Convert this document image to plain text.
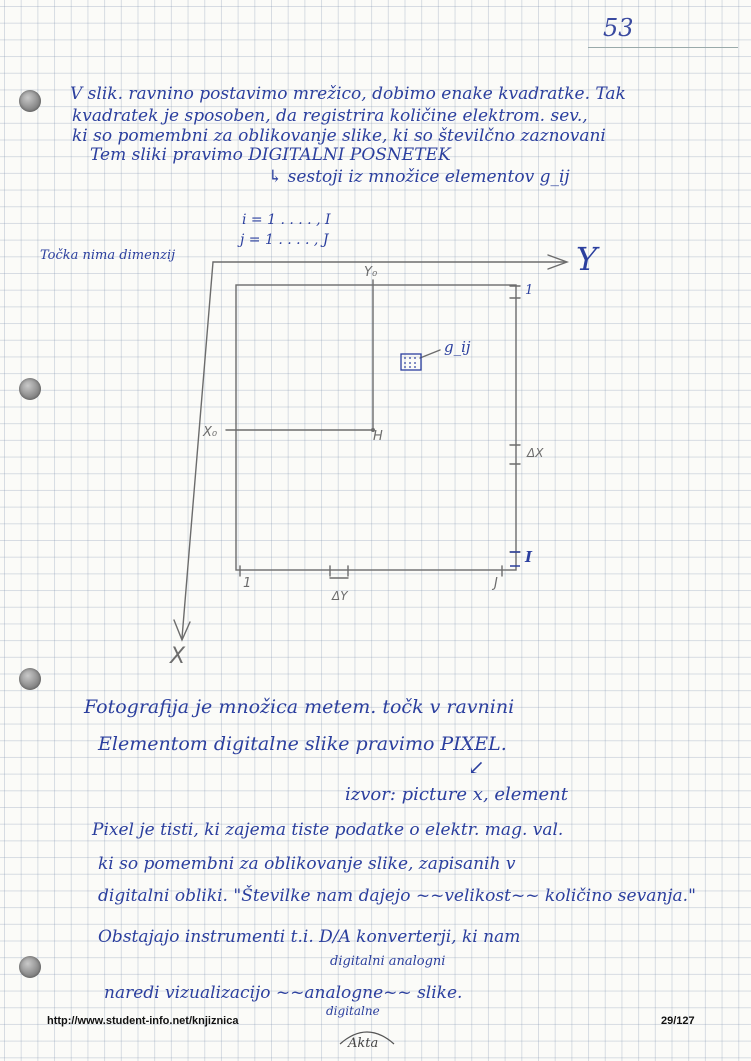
53
V slik. ravnino postavimo mrežico, dobimo enake kvadratke. Tak
kvadratek je sposoben, da registrira količine elektrom. sev.,
ki so pomembni za oblikovanje slike, ki so številčno zaznovani
Tem sliki pravimo DIGITALNI POSNETEK
↳ sestoji iz množice elementov g_ij
i = 1 . . . . , I
j = 1 . . . . , J
Točka nima dimenzij	Y
X
Y₀
X₀	H
g_ij
1
I
ΔX
1	J
ΔY
Fotografija je množica metem. točk v ravnini
Elementom digitalne slike pravimo PIXEL.
↙
izvor: picture x, element
Pixel je tisti, ki zajema tiste podatke o elektr. mag. val.
ki so pomembni za oblikovanje slike, zapisanih v
digitalni obliki. "Številke nam dajejo ~~velikost~~ količino sevanja."
Obstajajo instrumenti t.i. D/A konverterji, ki nam
digitalni analogni
naredi vizualizacijo ~~analogne~~ slike.
digitalne
Akta
http://www.student-info.net/knjiznica	29/127
